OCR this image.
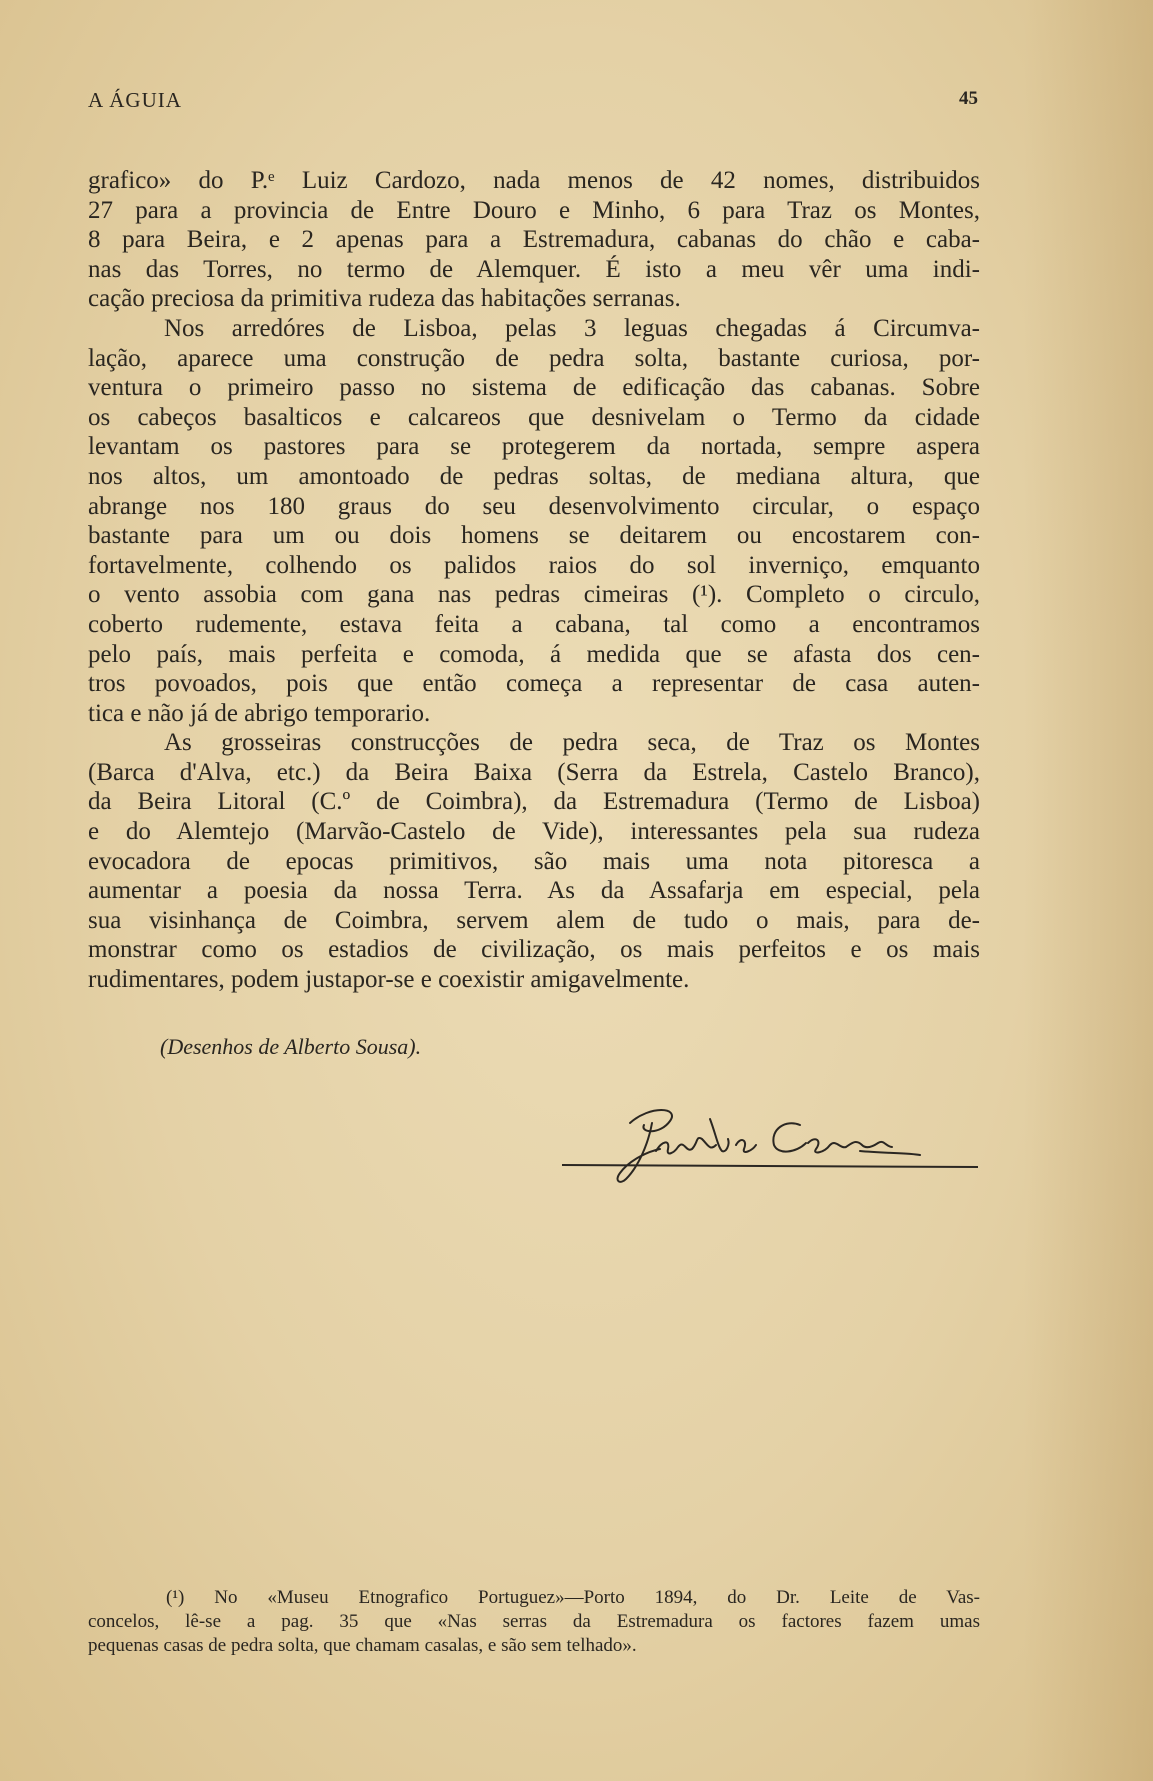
A ÁGUIA	45
grafico» do P.ᵉ Luiz Cardozo, nada menos de 42 nomes, distribuidos
27 para a provincia de Entre Douro e Minho, 6 para Traz os Montes,
8 para Beira, e 2 apenas para a Estremadura, cabanas do chão e caba-
nas das Torres, no termo de Alemquer. É isto a meu vêr uma indi-
cação preciosa da primitiva rudeza das habitações serranas.
Nos arredóres de Lisboa, pelas 3 leguas chegadas á Circumva-
lação, aparece uma construção de pedra solta, bastante curiosa, por-
ventura o primeiro passo no sistema de edificação das cabanas. Sobre
os cabeços basalticos e calcareos que desnivelam o Termo da cidade
levantam os pastores para se protegerem da nortada, sempre aspera
nos altos, um amontoado de pedras soltas, de mediana altura, que
abrange nos 180 graus do seu desenvolvimento circular, o espaço
bastante para um ou dois homens se deitarem ou encostarem con-
fortavelmente, colhendo os palidos raios do sol inverniço, emquanto
o vento assobia com gana nas pedras cimeiras (¹). Completo o circulo,
coberto rudemente, estava feita a cabana, tal como a encontramos
pelo país, mais perfeita e comoda, á medida que se afasta dos cen-
tros povoados, pois que então começa a representar de casa auten-
tica e não já de abrigo temporario.
As grosseiras construcções de pedra seca, de Traz os Montes
(Barca d'Alva, etc.) da Beira Baixa (Serra da Estrela, Castelo Branco),
da Beira Litoral (C.º de Coimbra), da Estremadura (Termo de Lisboa)
e do Alemtejo (Marvão-Castelo de Vide), interessantes pela sua rudeza
evocadora de epocas primitivos, são mais uma nota pitoresca a
aumentar a poesia da nossa Terra. As da Assafarja em especial, pela
sua visinhança de Coimbra, servem alem de tudo o mais, para de-
monstrar como os estadios de civilização, os mais perfeitos e os mais
rudimentares, podem justapor-se e coexistir amigavelmente.
(Desenhos de Alberto Sousa).
(¹) No «Museu Etnografico Portuguez»—Porto 1894, do Dr. Leite de Vas-
concelos, lê-se a pag. 35 que «Nas serras da Estremadura os factores fazem umas
pequenas casas de pedra solta, que chamam casalas, e são sem telhado».
